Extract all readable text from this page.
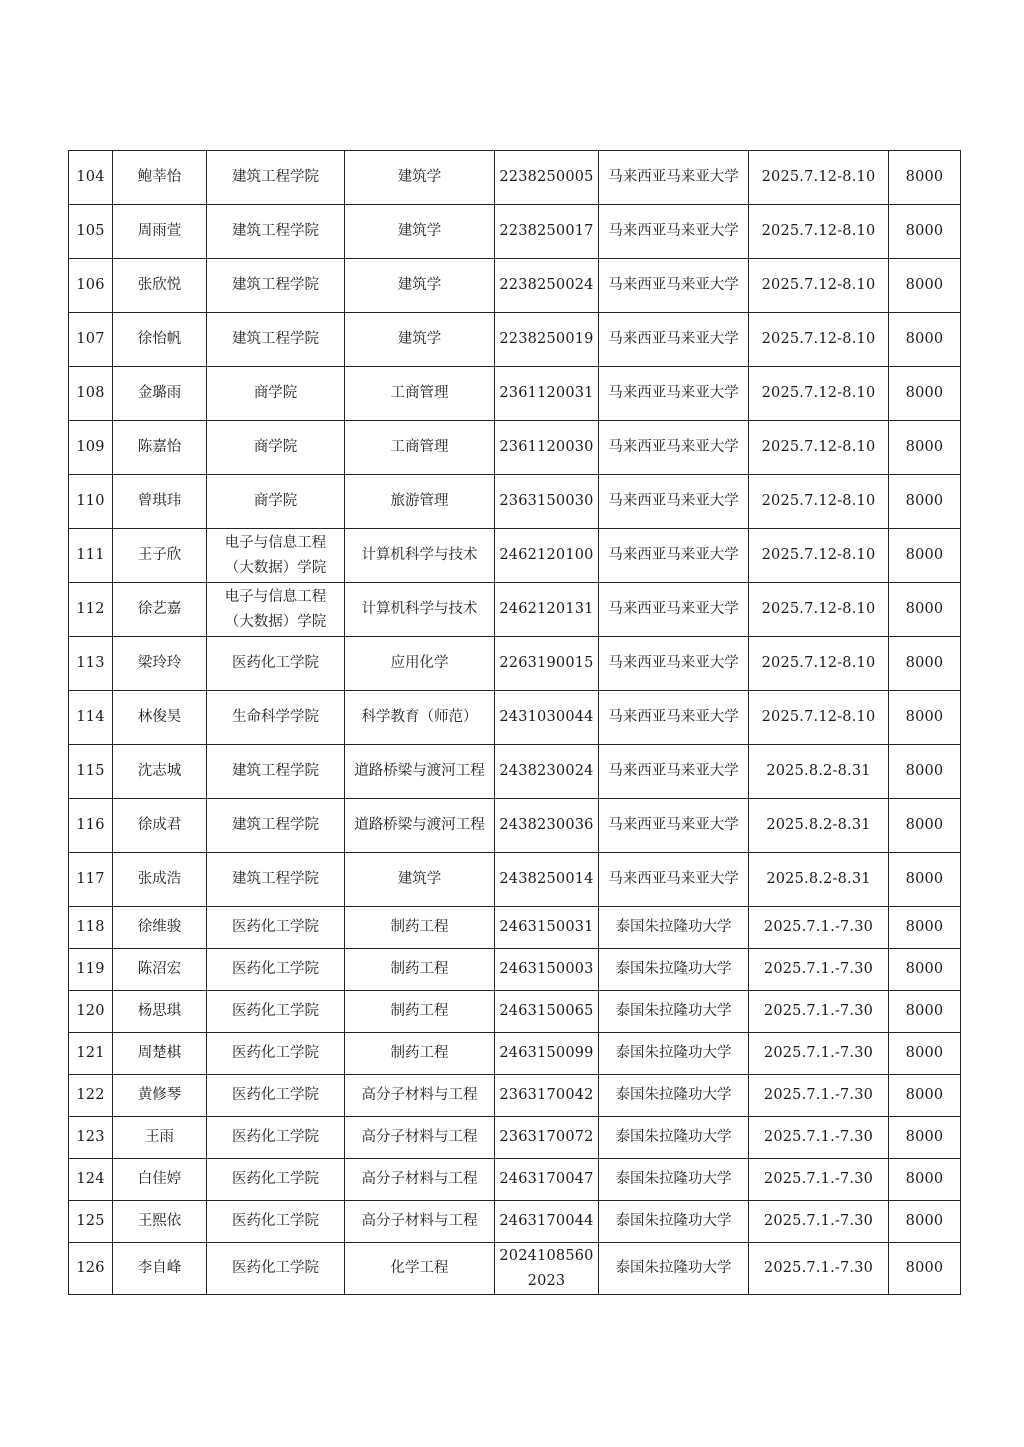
104	鲍莘怡	建筑工程学院	建筑学	2238250005	马来西亚马来亚大学	2025.7.12-8.10	8000
105	周雨萱	建筑工程学院	建筑学	2238250017	马来西亚马来亚大学	2025.7.12-8.10	8000
106	张欣悦	建筑工程学院	建筑学	2238250024	马来西亚马来亚大学	2025.7.12-8.10	8000
107	徐怡帆	建筑工程学院	建筑学	2238250019	马来西亚马来亚大学	2025.7.12-8.10	8000
108	金璐雨	商学院	工商管理	2361120031	马来西亚马来亚大学	2025.7.12-8.10	8000
109	陈嘉怡	商学院	工商管理	2361120030	马来西亚马来亚大学	2025.7.12-8.10	8000
110	曾琪玮	商学院	旅游管理	2363150030	马来西亚马来亚大学	2025.7.12-8.10	8000
111	王子欣	电子与信息工程（大数据）学院	计算机科学与技术	2462120100	马来西亚马来亚大学	2025.7.12-8.10	8000
112	徐艺嘉	电子与信息工程（大数据）学院	计算机科学与技术	2462120131	马来西亚马来亚大学	2025.7.12-8.10	8000
113	梁玲玲	医药化工学院	应用化学	2263190015	马来西亚马来亚大学	2025.7.12-8.10	8000
114	林俊昊	生命科学学院	科学教育（师范）	2431030044	马来西亚马来亚大学	2025.7.12-8.10	8000
115	沈志城	建筑工程学院	道路桥梁与渡河工程	2438230024	马来西亚马来亚大学	2025.8.2-8.31	8000
116	徐成君	建筑工程学院	道路桥梁与渡河工程	2438230036	马来西亚马来亚大学	2025.8.2-8.31	8000
117	张成浩	建筑工程学院	建筑学	2438250014	马来西亚马来亚大学	2025.8.2-8.31	8000
118	徐维骏	医药化工学院	制药工程	2463150031	泰国朱拉隆功大学	2025.7.1.-7.30	8000
119	陈沼宏	医药化工学院	制药工程	2463150003	泰国朱拉隆功大学	2025.7.1.-7.30	8000
120	杨思琪	医药化工学院	制药工程	2463150065	泰国朱拉隆功大学	2025.7.1.-7.30	8000
121	周楚棋	医药化工学院	制药工程	2463150099	泰国朱拉隆功大学	2025.7.1.-7.30	8000
122	黄修琴	医药化工学院	高分子材料与工程	2363170042	泰国朱拉隆功大学	2025.7.1.-7.30	8000
123	王雨	医药化工学院	高分子材料与工程	2363170072	泰国朱拉隆功大学	2025.7.1.-7.30	8000
124	白佳婷	医药化工学院	高分子材料与工程	2463170047	泰国朱拉隆功大学	2025.7.1.-7.30	8000
125	王熙依	医药化工学院	高分子材料与工程	2463170044	泰国朱拉隆功大学	2025.7.1.-7.30	8000
126	李自峰	医药化工学院	化学工程	20241085602023	泰国朱拉隆功大学	2025.7.1.-7.30	8000
